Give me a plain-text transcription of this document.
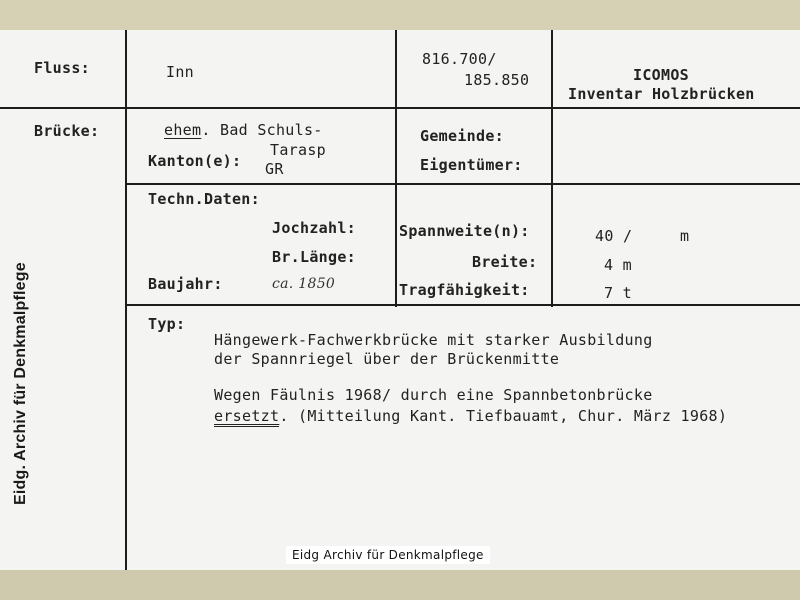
Fluss:	Inn
816.700/
185.850	ICOMOS
Inventar Holzbrücken
Brücke:	ehem. Bad Schuls-
Tarasp
Kanton(e): GR
Gemeinde:
Eigentümer:
Techn.Daten:
Jochzahl:
Br.Länge:
Baujahr:	ca. 1850
Spannweite(n):	40 /	m
Breite:	4 m
Tragfähigkeit:	7 t
Typ:
Hängewerk-Fachwerkbrücke mit starker Ausbildung
der Spannriegel über der Brückenmitte
Wegen Fäulnis 1968/ durch eine Spannbetonbrücke
ersetzt. (Mitteilung Kant. Tiefbauamt, Chur. März 1968)
Eidg. Archiv für Denkmalpflege
Eidg Archiv für Denkmalpflege
